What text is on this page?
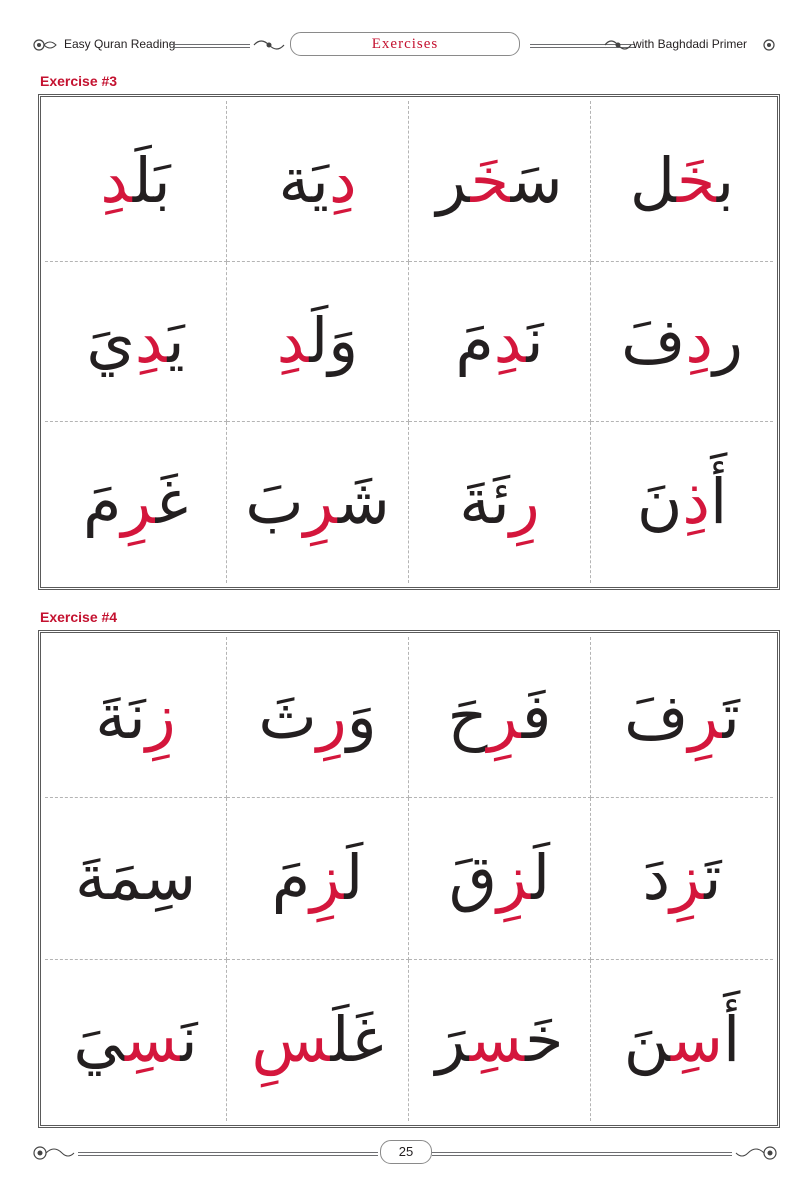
Easy Quran Reading	Exercises	with Baghdadi Primer
Exercise #3
بَلَدِ	دِيَة	سَخَر	بخَل
يَدِيَ	وَلَدِ	نَدِمَ	ردِفَ
غَرِمَ	شَرِبَ	رِئَةَ	أَذِنَ
Exercise #4
زِنَةَ	وَرِثَ	فَرِحَ	تَرِفَ
سِمَةَ	لَزِمَ	لَزِقَ	تَزِدَ
نَسِيَ	غَلَسِ	خَسِرَ	أَسِنَ
25
